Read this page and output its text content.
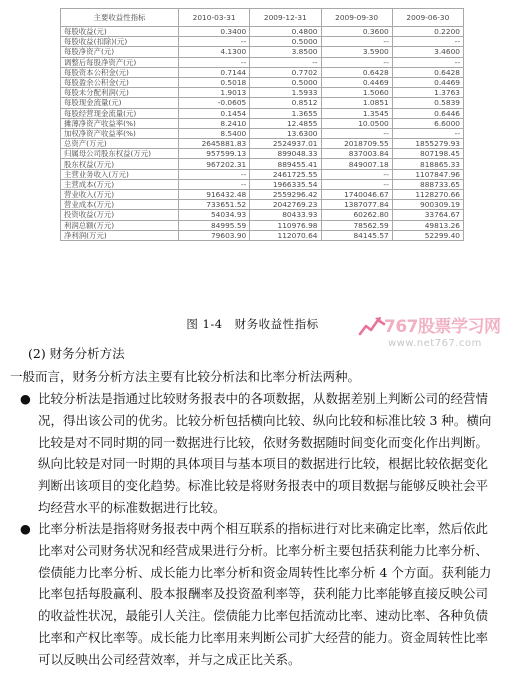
主要收益性指标	2010-03-31	2009-12-31	2009-09-30	2009-06-30
每股收益(元)	0.3400	0.4800	0.3600	0.2200
每股收益(扣除)(元)	--	0.5000	--	--
每股净资产(元)	4.1300	3.8500	3.5900	3.4600
调整后每股净资产(元)	--	--	--	--
每股资本公积金(元)	0.7144	0.7702	0.6428	0.6428
每股盈余公积金(元)	0.5018	0.5000	0.4469	0.4469
每股未分配利润(元)	1.9013	1.5933	1.5060	1.3763
每股现金流量(元)	-0.0605	0.8512	1.0851	0.5839
每股经营现金流量(元)	0.1454	1.3655	1.3545	0.6446
摊薄净资产收益率(%)	8.2410	12.4855	10.0500	6.6000
加权净资产收益率(%)	8.5400	13.6300	--	--
总资产(万元)	2645881.83	2524937.01	2018709.55	1855279.93
归属母公司股东权益(万元)	957599.13	899048.33	837003.84	807198.45
股东权益(万元)	967202.31	889455.41	849007.18	818865.33
主营业务收入(万元)	--	2461725.55	--	1107847.96
主营成本(万元)	--	1966335.54	--	888733.65
营业收入(万元)	916432.48	2559296.42	1740046.67	1128270.66
营业成本(万元)	733651.52	2042769.23	1387077.84	900309.19
投资收益(万元)	54034.93	80433.93	60262.80	33764.67
利润总额(万元)	84995.59	110976.98	78562.59	49813.26
净利润(万元)	79603.90	112070.64	84145.57	52299.40
767股票学习网
www.net767.com
图 1-4　财务收益性指标
(2) 财务分析方法
一般而言，财务分析方法主要有比较分析法和比率分析法两种。
● 比较分析法是指通过比较财务报表中的各项数据，从数据差别上判断公司的经营情况，得出该公司的优劣。比较分析包括横向比较、纵向比较和标准比较 3 种。横向比较是对不同时期的同一数据进行比较，依财务数据随时间变化而变化作出判断。纵向比较是对同一时期的具体项目与基本项目的数据进行比较，根据比较依据变化判断出该项目的变化趋势。标准比较是将财务报表中的项目数据与能够反映社会平均经营水平的标准数据进行比较。
● 比率分析法是指将财务报表中两个相互联系的指标进行对比来确定比率，然后依此比率对公司财务状况和经营成果进行分析。比率分析主要包括获利能力比率分析、偿债能力比率分析、成长能力比率分析和资金周转性比率分析 4 个方面。获利能力比率包括每股赢利、股本报酬率及投资盈利率等，获利能力比率能够直接反映公司的收益性状况，最能引人关注。偿债能力比率包括流动比率、速动比率、各种负债比率和产权比率等。成长能力比率用来判断公司扩大经营的能力。资金周转性比率可以反映出公司经营效率，并与之成正比关系。
